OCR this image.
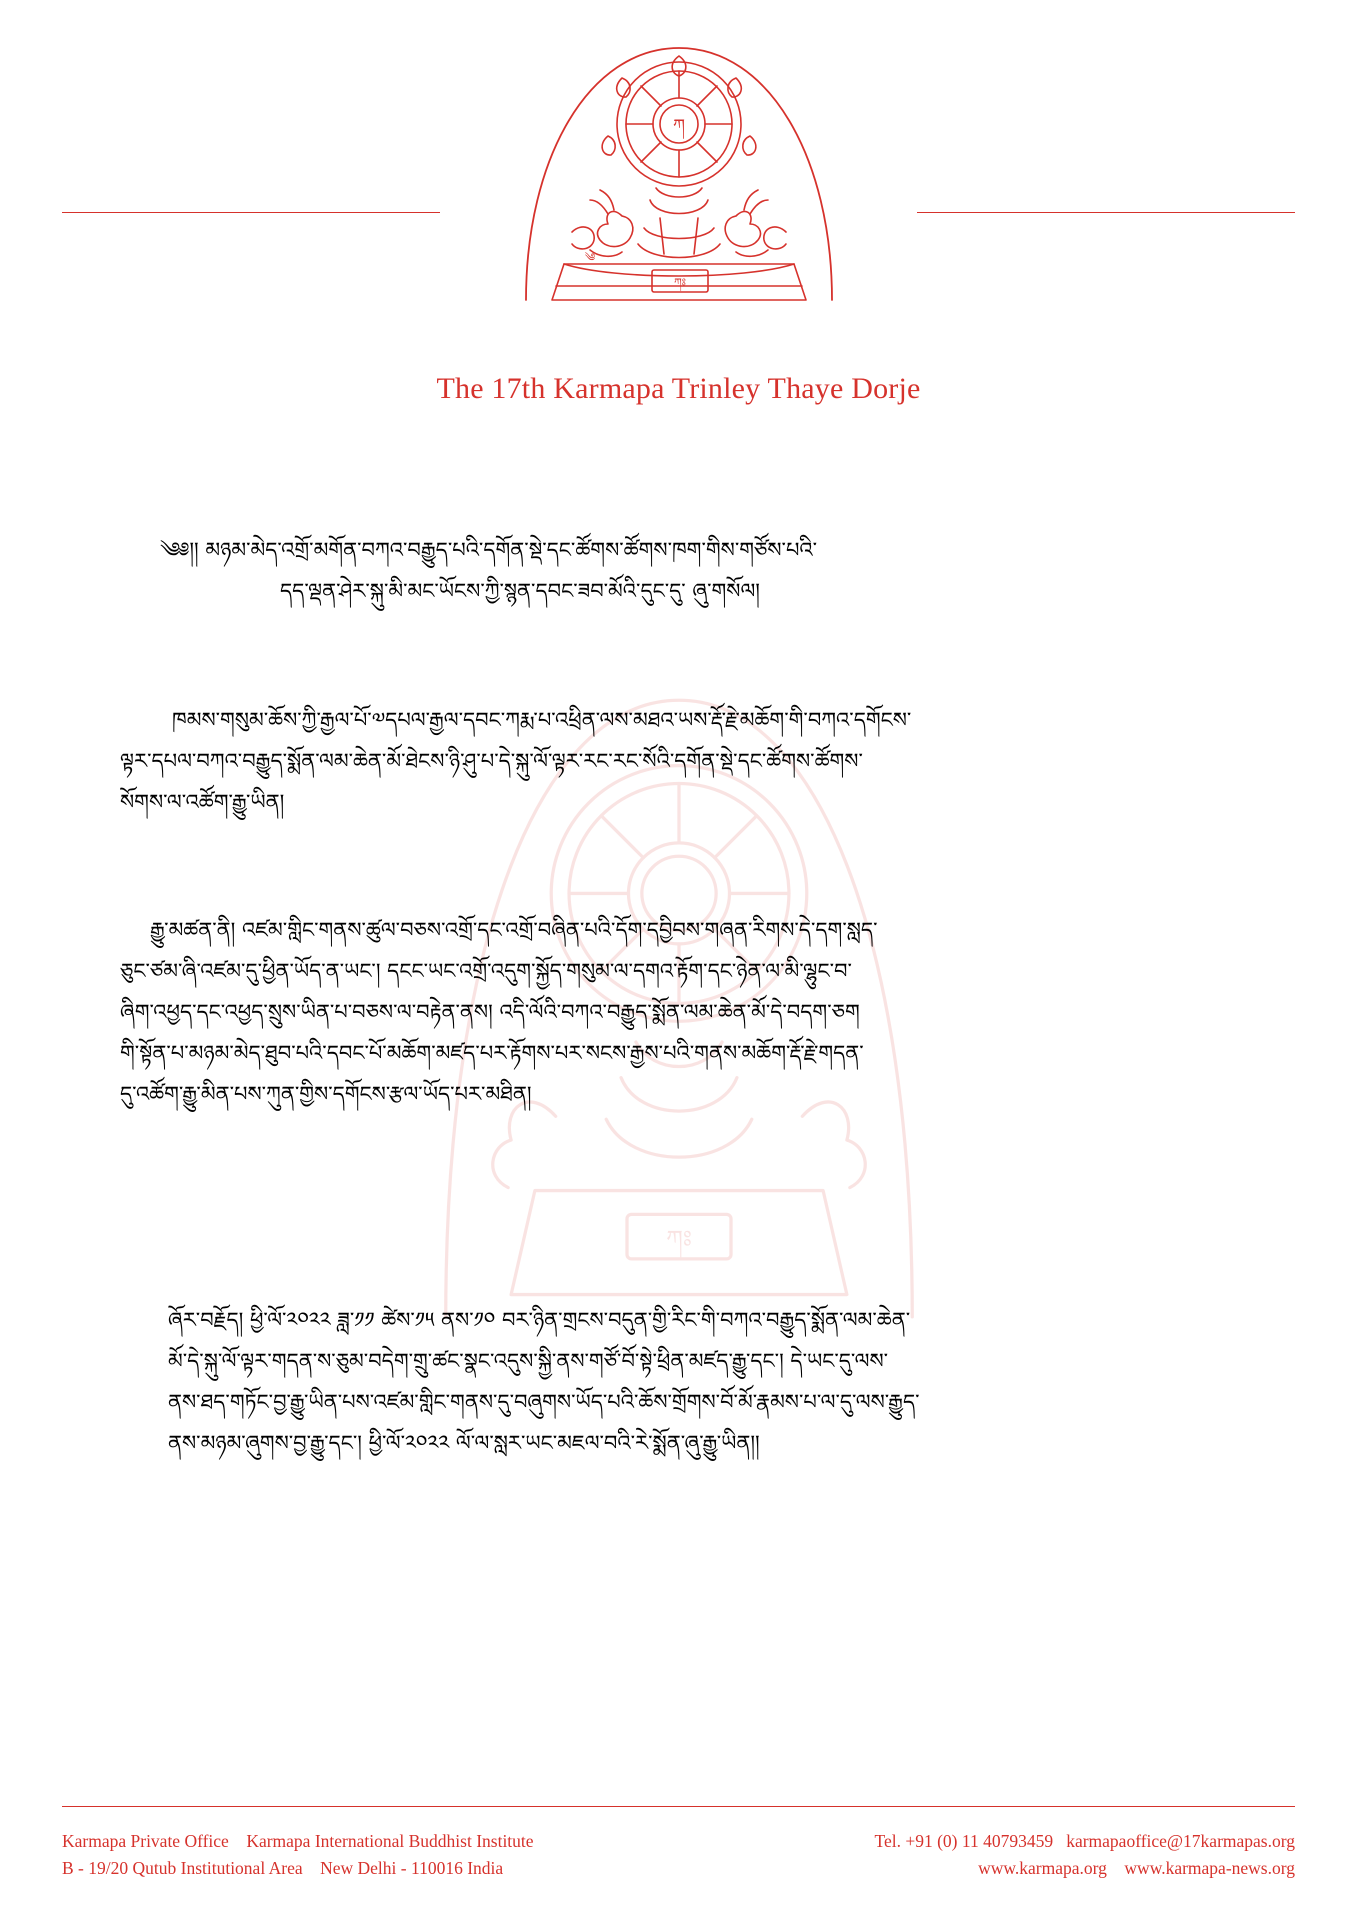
ཀཿ
༄
ཀ
The 17th Karmapa Trinley Thaye Dorje
ཀཿ
༄༅།། མཉམ་མེད་འགྲོ་མགོན་བཀའ་བརྒྱུད་པའི་དགོན་སྡེ་དང་ཚོགས་ཚོགས་ཁག་གིས་གཙོས་པའི་
དད་ལྡན་ཤེར་སྐུ་མི་མང་ཡོངས་ཀྱི་སྙན་དབང་ཟབ་མོའི་དུང་དུ་ ཞུ་གསོལ།
ཁམས་གསུམ་ཆོས་ཀྱི་རྒྱལ་པོ་༧དཔལ་རྒྱལ་དབང་ཀརྨ་པ་འཕྲིན་ལས་མཐའ་ཡས་རྡོ་རྗེ་མཆོག་གི་བཀའ་དགོངས་
ལྟར་དཔལ་བཀའ་བརྒྱུད་སྨོན་ལམ་ཆེན་མོ་ཐེངས་ཉི་ཤུ་པ་དེ་སྐུ་ལོ་ལྟར་རང་རང་སོའི་དགོན་སྡེ་དང་ཚོགས་ཚོགས་
སོགས་ལ་འཚོག་རྒྱུ་ཡིན།
རྒྱུ་མཚན་ནི། འཛམ་གླིང་གནས་ཚུལ་བཅས་འགྲོ་དང་འགྲོ་བཞིན་པའི་དོག་དབྱིབས་གཞན་རིགས་དེ་དག་སླད་
ཅུང་ཙམ་ཞི་འཛམ་དུ་ཕྱིན་ཡོད་ན་ཡང་། དངང་ཡང་འགྲོ་འདུག་སྐྱོད་གསུམ་ལ་དགའ་རྟོག་དང་ཉེན་ལ་མི་ལྷུང་བ་
ཞིག་འཕྱད་དང་འཕྱད་སྲུས་ཡིན་པ་བཅས་ལ་བརྟེན་ནས། འདི་ལོའི་བཀའ་བརྒྱུད་སྨོན་ལམ་ཆེན་མོ་དེ་བདག་ཅག
གི་སྟོན་པ་མཉམ་མེད་ཐུབ་པའི་དབང་པོ་མཆོག་མཛད་པར་རྟོགས་པར་སངས་རྒྱས་པའི་གནས་མཆོག་རྡོ་རྗེ་གདན་
དུ་འཚོག་རྒྱུ་མིན་པས་ཀུན་གྱིས་དགོངས་རྩལ་ཡོད་པར་མཐིན།
ཞོར་བརྗོད། ཕྱི་ལོ་༢༠༢༢ ཟླ་༡༡ ཚེས་༡༥ ནས་༡༠ བར་ཉིན་གྲངས་བདུན་གྱི་རིང་གི་བཀའ་བརྒྱུད་སྨོན་ལམ་ཆེན་
མོ་དེ་སྐུ་ལོ་ལྟར་གདན་ས་ཅུམ་བདེག་གྲུ་ཚང་སྣང་འདུས་སྐྱི་ནས་གཙོ་བོ་སྟེ་ཕྲིན་མཛད་རྒྱུ་དང་། དེ་ཡང་དུ་ལས་
ནས་ཐད་གཏོང་བྱ་རྒྱུ་ཡིན་པས་འཛམ་གླིང་གནས་དུ་བཞུགས་ཡོད་པའི་ཆོས་གྲོགས་བོ་མོ་རྣམས་པ་ལ་དུ་ལས་རྒྱུད་
ནས་མཉམ་ཞུགས་བྱ་རྒྱུ་དང་། ཕྱི་ལོ་༢༠༢༢ ལོ་ལ་སླར་ཡང་མཇལ་བའི་རེ་སྨོན་ཞུ་རྒྱུ་ཡིན།།
Karmapa Private Office    Karmapa International Buddhist Institute
B - 19/20 Qutub Institutional Area    New Delhi - 110016 India
Tel. +91 (0) 11 40793459   karmapaoffice@17karmapas.org
www.karmapa.org    www.karmapa-news.org
